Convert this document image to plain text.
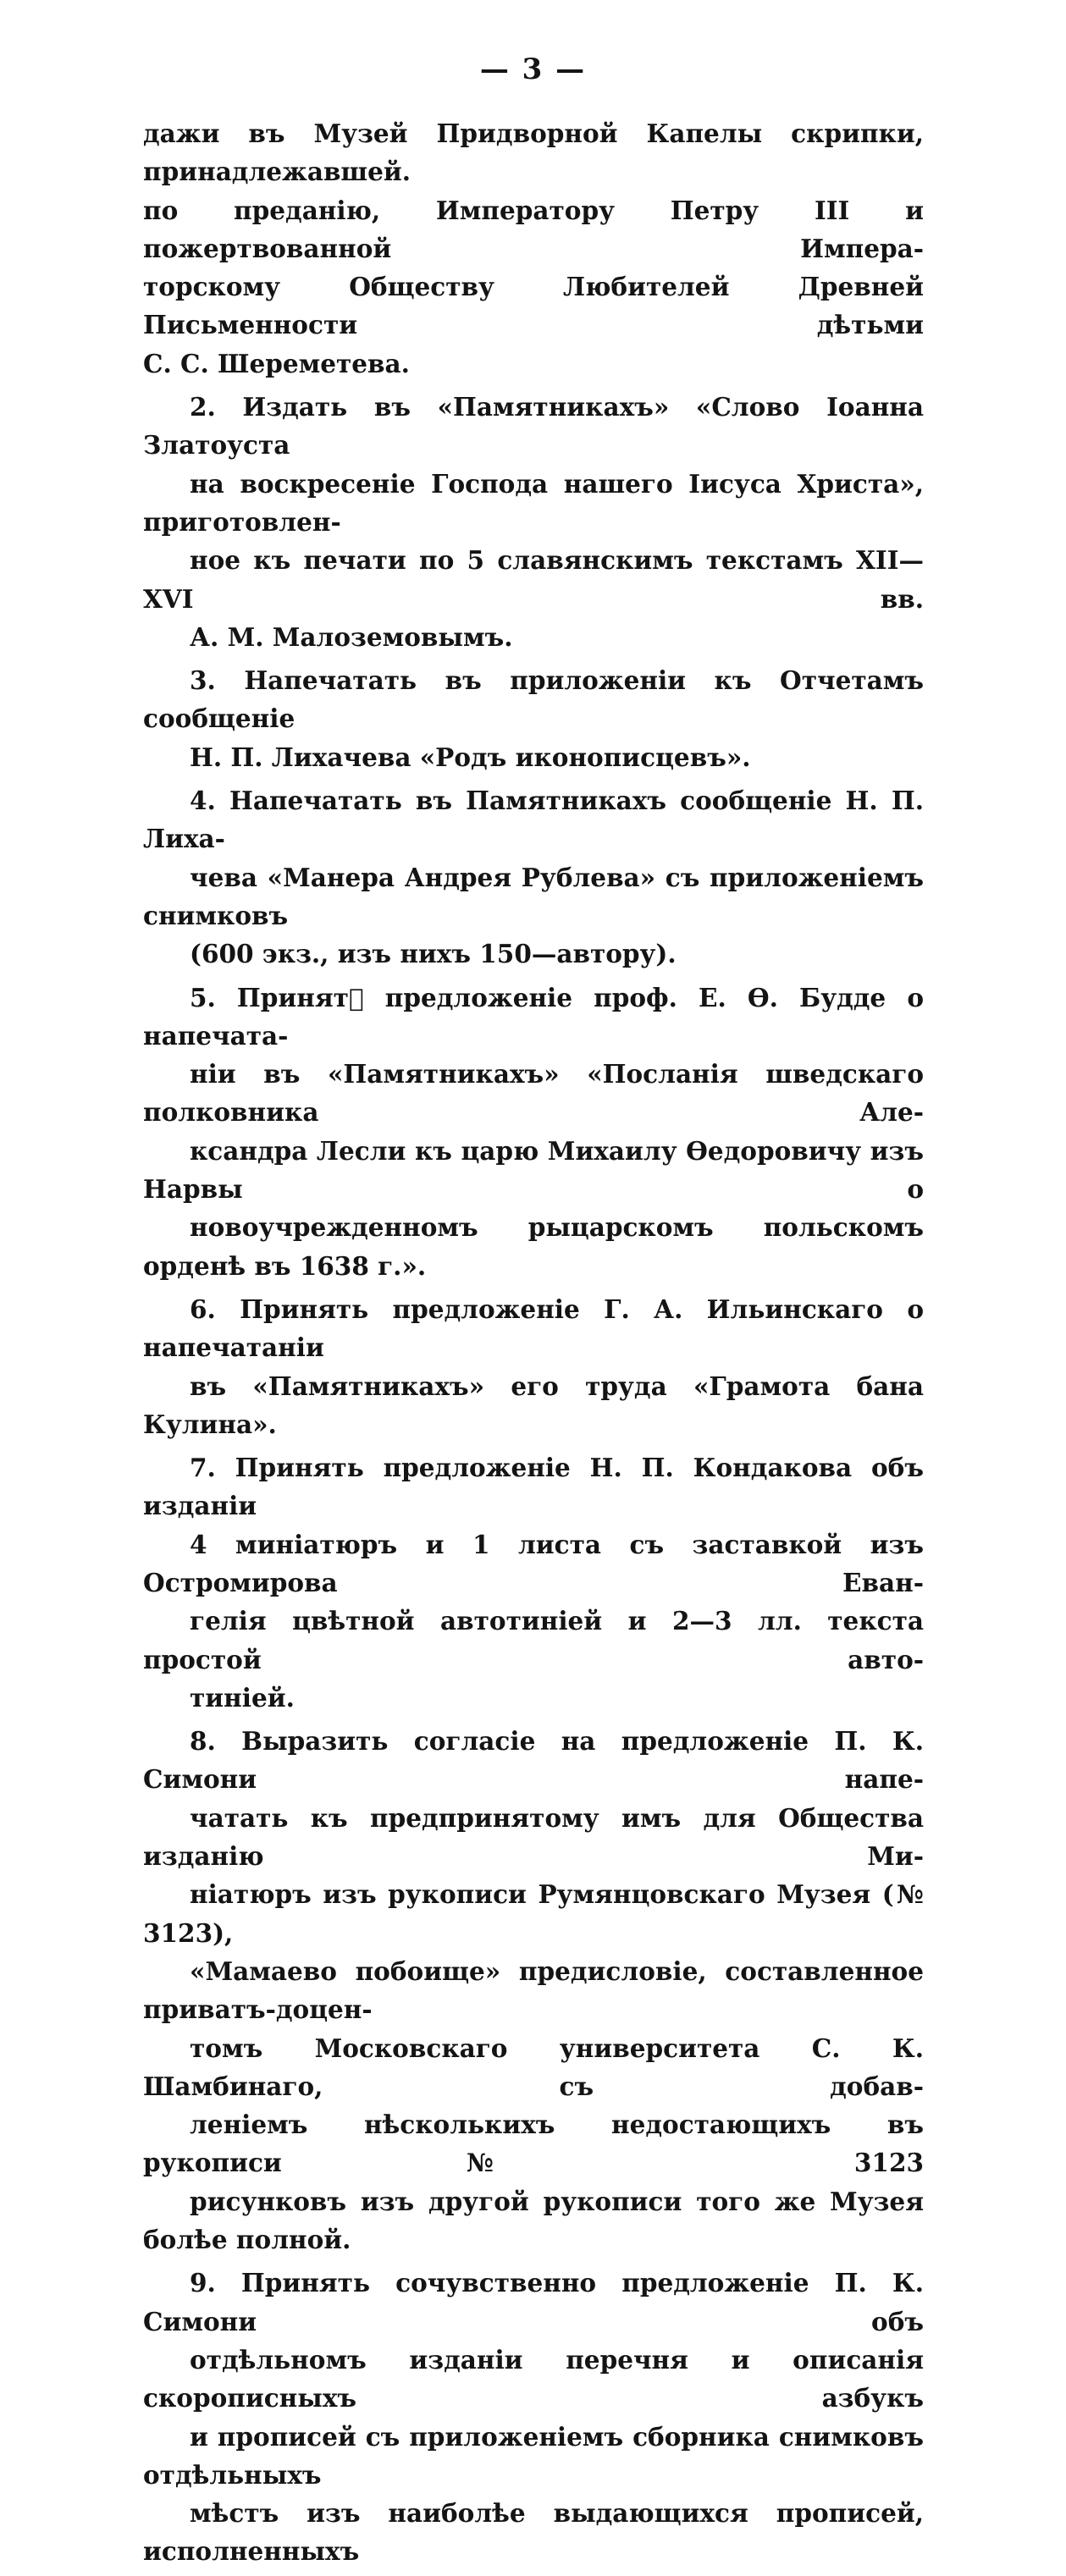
— 3 —
дажи въ Музей Придворной Капелы скрипки, принадлежавшей.
по преданію, Императору Петру III и пожертвованной Импера-
торскому Обществу Любителей Древней Письменности дѣтьми
С. С. Шереметева.
2. Издать въ «Памятникахъ» «Слово Іоанна Златоуста
на воскресеніе Господа нашего Іисуса Христа», приготовлен-
ное къ печати по 5 славянскимъ текстамъ XII—XVI вв.
А. М. Малоземовымъ.
3. Напечатать въ приложеніи къ Отчетамъ сообщеніе
Н. П. Лихачева «Родъ иконописцевъ».
4. Напечатать въ Памятникахъ сообщеніе Н. П. Лиха-
чева «Манера Андрея Рублева» съ приложеніемъ снимковъ
(600 экз., изъ нихъ 150—автору).
5. Принятᷟ предложеніе проф. Е. Ѳ. Будде о напечата-
ніи въ «Памятникахъ» «Посланія шведскаго полковника Але-
ксандра Лесли къ царю Михаилу Ѳедоровичу изъ Нарвы о
новоучрежденномъ рыцарскомъ польскомъ орденѣ въ 1638 г.».
6. Принять предложеніе Г. А. Ильинскаго о напечатаніи
въ «Памятникахъ» его труда «Грамота бана Кулина».
7. Принять предложеніе Н. П. Кондакова объ изданіи
4 миніатюръ и 1 листа съ заставкой изъ Остромирова Еван-
гелія цвѣтной автотиніей и 2—3 лл. текста простой авто-
тиніей.
8. Выразить согласіе на предложеніе П. К. Симони напе-
чатать къ предпринятому имъ для Общества изданію Ми-
ніатюръ изъ рукописи Румянцовскаго Музея (№ 3123),
«Мамаево побоище» предисловіе, составленное приватъ-доцен-
томъ Московскаго университета С. К. Шамбинаго, съ добав-
леніемъ нѣсколькихъ недостающихъ въ рукописи № 3123
рисунковъ изъ другой рукописи того же Музея болѣе полной.
9. Принять сочувственно предложеніе П. К. Симони объ
отдѣльномъ изданіи перечня и описанія скорописныхъ азбукъ
и прописей съ приложеніемъ сборника снимковъ отдѣльныхъ
мѣстъ изъ наиболѣе выдающихся прописей, исполненныхъ
